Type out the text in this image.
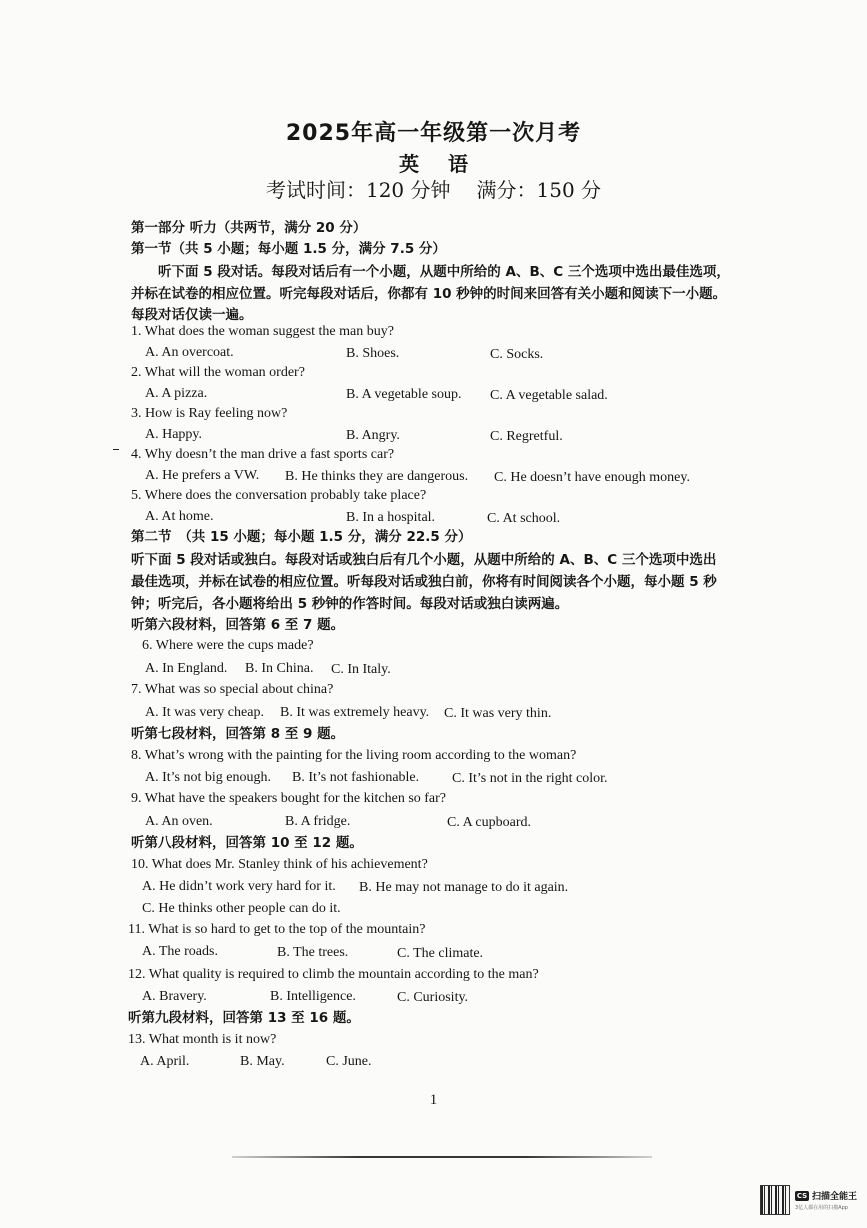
2025年高一年级第一次月考
英 语
考试时间：120 分钟 满分：150 分
第一部分 听力（共两节，满分 20 分）
第一节（共 5 小题；每小题 1.5 分，满分 7.5 分）
听下面 5 段对话。每段对话后有一个小题，从题中所给的 A、B、C 三个选项中选出最佳选项，
并标在试卷的相应位置。听完每段对话后，你都有 10 秒钟的时间来回答有关小题和阅读下一小题。
每段对话仅读一遍。
1. What does the woman suggest the man buy?
A. An overcoat.	B. Shoes.	C. Socks.
2. What will the woman order?
A. A pizza.	B. A vegetable soup. C. A vegetable salad.
3. How is Ray feeling now?
A. Happy.	B. Angry.	C. Regretful.
4. Why doesn’t the man drive a fast sports car?
A. He prefers a VW. B. He thinks they are dangerous. C. He doesn’t have enough money.
5. Where does the conversation probably take place?
A. At home.	B. In a hospital.	C. At school.
第二节　（共 15 小题；每小题 1.5 分，满分 22.5 分）
听下面 5 段对话或独白。每段对话或独白后有几个小题，从题中所给的 A、B、C 三个选项中选出
最佳选项，并标在试卷的相应位置。听每段对话或独白前，你将有时间阅读各个小题，每小题 5 秒
钟；听完后，各小题将给出 5 秒钟的作答时间。每段对话或独白读两遍。
听第六段材料，回答第 6 至 7 题。
6. Where were the cups made?
A. In England. B. In China. C. In Italy.
7. What was so special about china?
A. It was very cheap. B. It was extremely heavy. C. It was very thin.
听第七段材料，回答第 8 至 9 题。
8. What’s wrong with the painting for the living room according to the woman?
A. It’s not big enough. B. It’s not fashionable. C. It’s not in the right color.
9. What have the speakers bought for the kitchen so far?
A. An oven.	B. A fridge.	C. A cupboard.
听第八段材料，回答第 10 至 12 题。
10. What does Mr. Stanley think of his achievement?
A. He didn’t work very hard for it. B. He may not manage to do it again.
C. He thinks other people can do it.
11. What is so hard to get to the top of the mountain?
A. The roads.	B. The trees.	C. The climate.
12. What quality is required to climb the mountain according to the man?
A. Bravery.	B. Intelligence.	C. Curiosity.
听第九段材料，回答第 13 至 16 题。
13. What month is it now?
A. April.	B. May.	C. June.
1
CS 扫描全能王
3亿人都在用的扫描App
